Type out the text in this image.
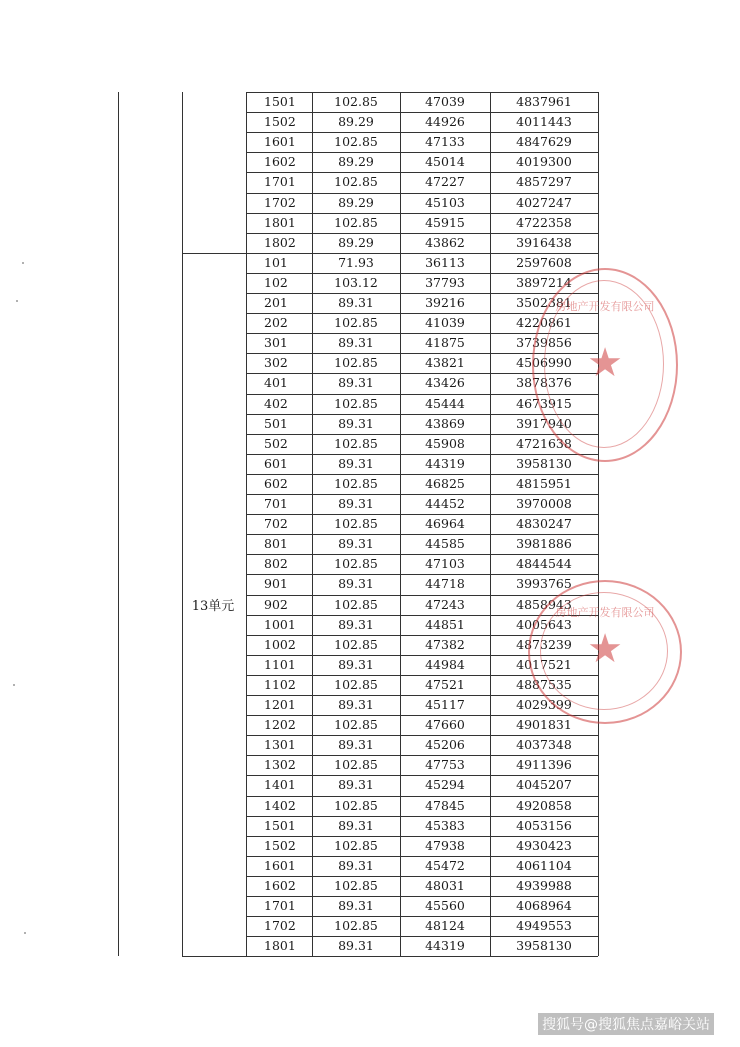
1501	102.85	47039	4837961
1502	89.29	44926	4011443
1601	102.85	47133	4847629
1602	89.29	45014	4019300
1701	102.85	47227	4857297
1702	89.29	45103	4027247
1801	102.85	45915	4722358
1802	89.29	43862	3916438
101	71.93	36113	2597608
102	103.12	37793	3897214
201	89.31	39216	3502381
202	102.85	41039	4220861
301	89.31	41875	3739856
302	102.85	43821	4506990
401	89.31	43426	3878376
402	102.85	45444	4673915
501	89.31	43869	3917940
502	102.85	45908	4721638
601	89.31	44319	3958130
602	102.85	46825	4815951
701	89.31	44452	3970008
702	102.85	46964	4830247
801	89.31	44585	3981886
802	102.85	47103	4844544
901	89.31	44718	3993765
902	102.85	47243	4858943
1001	89.31	44851	4005643
1002	102.85	47382	4873239
1101	89.31	44984	4017521
1102	102.85	47521	4887535
1201	89.31	45117	4029399
1202	102.85	47660	4901831
1301	89.31	45206	4037348
1302	102.85	47753	4911396
1401	89.31	45294	4045207
1402	102.85	47845	4920858
1501	89.31	45383	4053156
1502	102.85	47938	4930423
1601	89.31	45472	4061104
1602	102.85	48031	4939988
1701	89.31	45560	4068964
1702	102.85	48124	4949553
1801	89.31	44319	3958130
13单元
★
房地产开发有限公司
★
房地产开发有限公司
搜狐号@搜狐焦点嘉峪关站
